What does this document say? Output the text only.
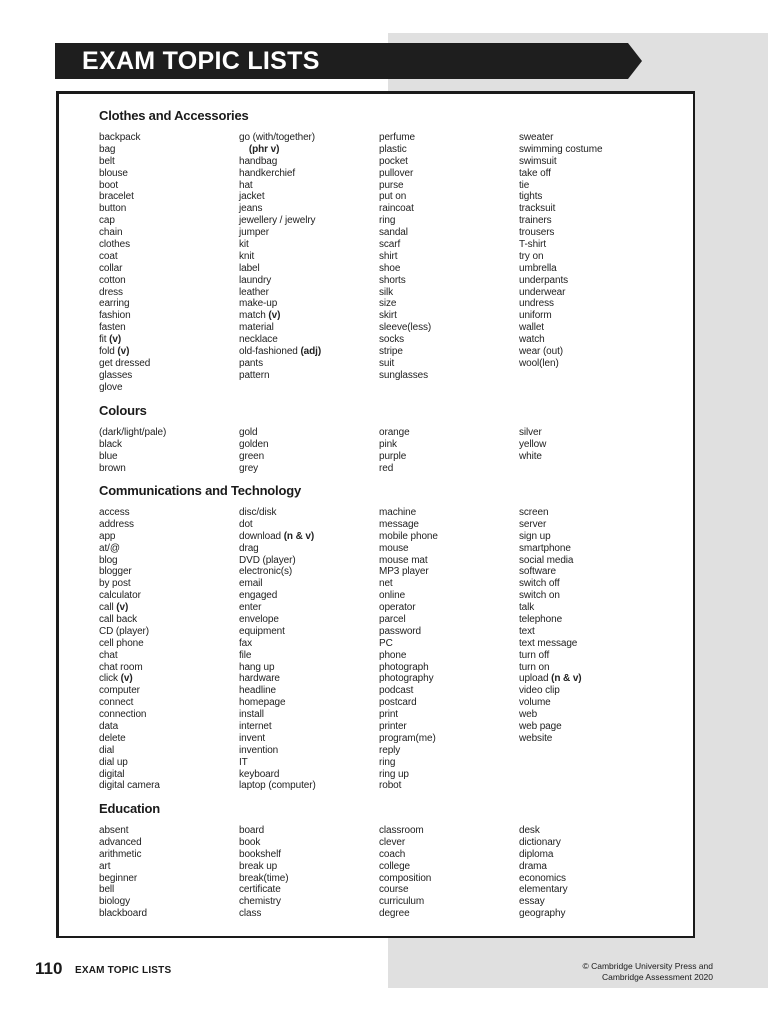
EXAM TOPIC LISTS
Clothes and Accessories
backpack
bag
belt
blouse
boot
bracelet
button
cap
chain
clothes
coat
collar
cotton
dress
earring
fashion
fasten
fit (v)
fold (v)
get dressed
glasses
glove
go (with/together)
(phr v)
handbag
handkerchief
hat
jacket
jeans
jewellery / jewelry
jumper
kit
knit
label
laundry
leather
make-up
match (v)
material
necklace
old-fashioned (adj)
pants
pattern
perfume
plastic
pocket
pullover
purse
put on
raincoat
ring
sandal
scarf
shirt
shoe
shorts
silk
size
skirt
sleeve(less)
socks
stripe
suit
sunglasses
sweater
swimming costume
swimsuit
take off
tie
tights
tracksuit
trainers
trousers
T-shirt
try on
umbrella
underpants
underwear
undress
uniform
wallet
watch
wear (out)
wool(len)
Colours
(dark/light/pale)
black
blue
brown
gold
golden
green
grey
orange
pink
purple
red
silver
yellow
white
Communications and Technology
access
address
app
at/@
blog
blogger
by post
calculator
call (v)
call back
CD (player)
cell phone
chat
chat room
click (v)
computer
connect
connection
data
delete
dial
dial up
digital
digital camera
disc/disk
dot
download (n & v)
drag
DVD (player)
electronic(s)
email
engaged
enter
envelope
equipment
fax
file
hang up
hardware
headline
homepage
install
internet
invent
invention
IT
keyboard
laptop (computer)
machine
message
mobile phone
mouse
mouse mat
MP3 player
net
online
operator
parcel
password
PC
phone
photograph
photography
podcast
postcard
print
printer
program(me)
reply
ring
ring up
robot
screen
server
sign up
smartphone
social media
software
switch off
switch on
talk
telephone
text
text message
turn off
turn on
upload (n & v)
video clip
volume
web
web page
website
Education
absent
advanced
arithmetic
art
beginner
bell
biology
blackboard
board
book
bookshelf
break up
break(time)
certificate
chemistry
class
classroom
clever
coach
college
composition
course
curriculum
degree
desk
dictionary
diploma
drama
economics
elementary
essay
geography
110 EXAM TOPIC LISTS	© Cambridge University Press and
Cambridge Assessment 2020
